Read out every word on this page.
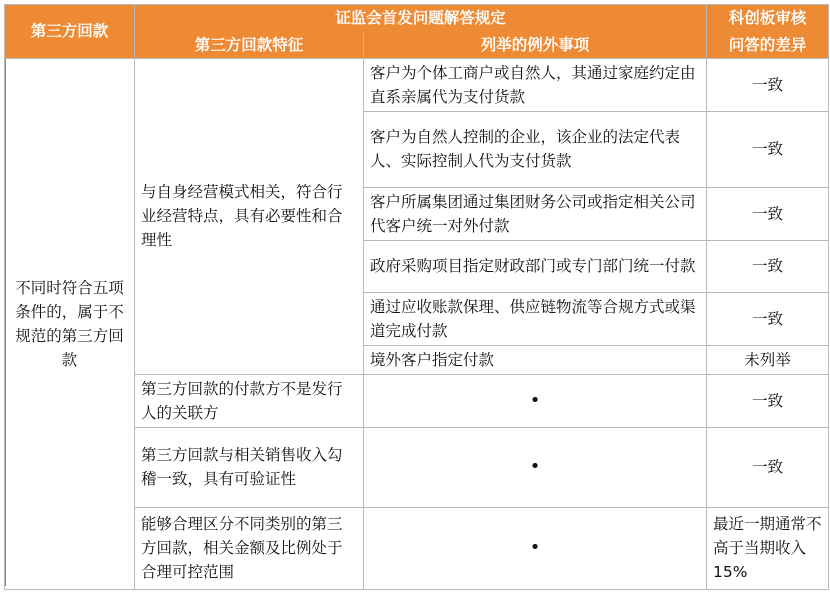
第三方回款	证监会首发问题解答规定		科创板审核
	第三方回款特征	列举的例外事项	问答的差异
不同时符合五项条件的，属于不规范的第三方回款	与自身经营模式相关，符合行业经营特点，具有必要性和合理性	客户为个体工商户或自然人，其通过家庭约定由直系亲属代为支付货款	一致
		客户为自然人控制的企业，该企业的法定代表人、实际控制人代为支付货款	一致
		客户所属集团通过集团财务公司或指定相关公司代客户统一对外付款	一致
		政府采购项目指定财政部门或专门部门统一付款	一致
		通过应收账款保理、供应链物流等合规方式或渠道完成付款	一致
		境外客户指定付款	未列举
	第三方回款的付款方不是发行人的关联方	•	一致
	第三方回款与相关销售收入勾稽一致，具有可验证性	•	一致
	能够合理区分不同类别的第三方回款，相关金额及比例处于合理可控范围	•	最近一期通常不高于当期收入15%
